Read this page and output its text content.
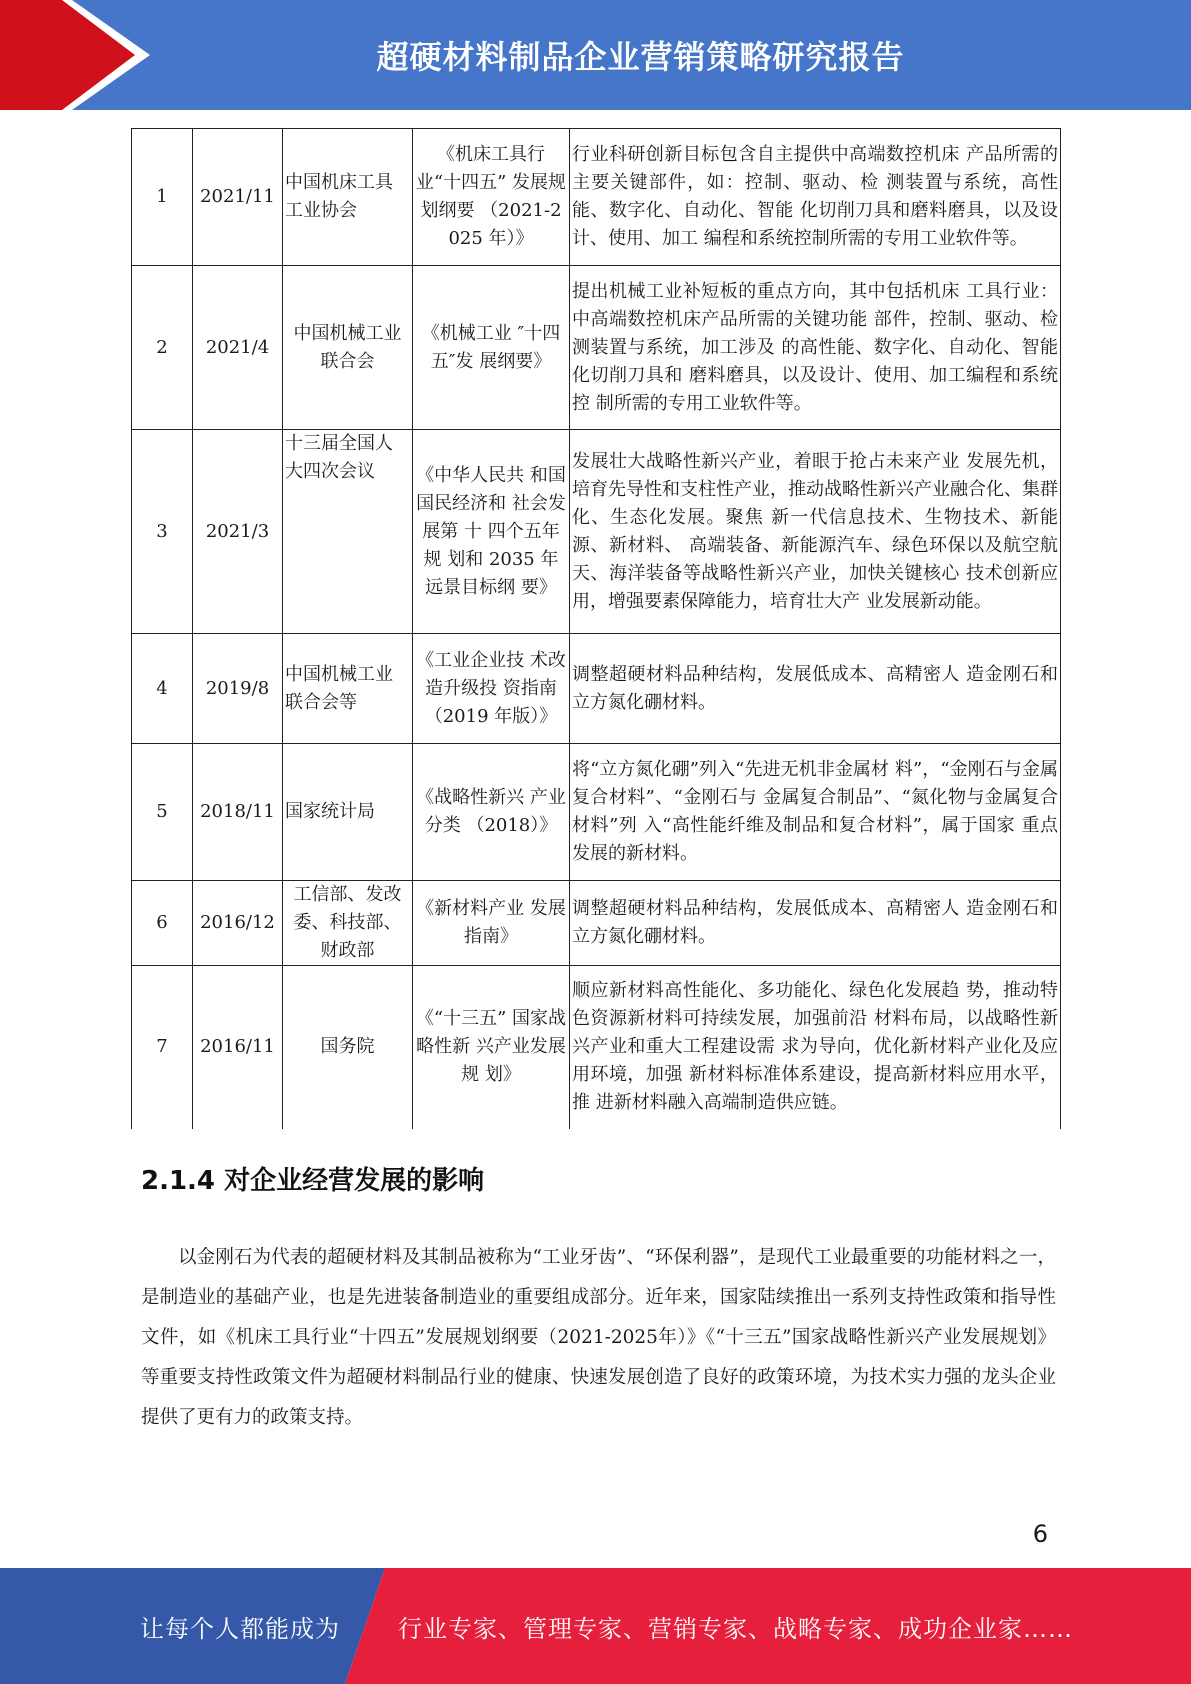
超硬材料制品企业营销策略研究报告
1	2021/11	中国机床工具工业协会	《机床工具行 业“十四五” 发展规划纲要 （2021-2025 年）》	行业科研创新目标包含自主提供中高端数控机床 产品所需的主要关键部件，如：控制、驱动、检 测装置与系统，高性能、数字化、自动化、智能 化切削刀具和磨料磨具，以及设计、使用、加工 编程和系统控制所需的专用工业软件等。
2	2021/4	中国机械工业联合会	《机械工业 ″十四五″发 展纲要》	提出机械工业补短板的重点方向，其中包括机床 工具行业：中高端数控机床产品所需的关键功能 部件，控制、驱动、检测装置与系统，加工涉及 的高性能、数字化、自动化、智能化切削刀具和 磨料磨具，以及设计、使用、加工编程和系统控 制所需的专用工业软件等。
3	2021/3	十三届全国人大四次会议	《中华人民共 和国国民经济和 社会发展第 十 四个五年规 划和 2035 年 远景目标纲 要》	发展壮大战略性新兴产业，着眼于抢占未来产业 发展先机，培育先导性和支柱性产业，推动战略性新兴产业融合化、集群化、生态化发展。聚焦 新一代信息技术、生物技术、新能源、新材料、 高端装备、新能源汽车、绿色环保以及航空航 天、海洋装备等战略性新兴产业，加快关键核心 技术创新应用，增强要素保障能力，培育壮大产 业发展新动能。
4	2019/8	中国机械工业联合会等	《工业企业技 术改造升级投 资指南（2019 年版）》	调整超硬材料品种结构，发展低成本、高精密人 造金刚石和立方氮化硼材料。
5	2018/11	国家统计局	《战略性新兴 产业分类 （2018）》	将“立方氮化硼”列入“先进无机非金属材 料”，“金刚石与金属复合材料”、“金刚石与 金属复合制品”、“氮化物与金属复合材料”列 入“高性能纤维及制品和复合材料”，属于国家 重点发展的新材料。
6	2016/12	工信部、发改委、科技部、财政部	《新材料产业 发展指南》	调整超硬材料品种结构，发展低成本、高精密人 造金刚石和立方氮化硼材料。
7	2016/11	国务院	《“十三五” 国家战略性新 兴产业发展规 划》	顺应新材料高性能化、多功能化、绿色化发展趋 势，推动特色资源新材料可持续发展，加强前沿 材料布局，以战略性新兴产业和重大工程建设需 求为导向，优化新材料产业化及应用环境，加强 新材料标准体系建设，提高新材料应用水平，推 进新材料融入高端制造供应链。
2.1.4 对企业经营发展的影响

以金刚石为代表的超硬材料及其制品被称为“工业牙齿”、“环保利器”，是现代工业最重要的功能材料之一，是制造业的基础产业，也是先进装备制造业的重要组成部分。近年来，国家陆续推出一系列支持性政策和指导性文件，如《机床工具行业“十四五”发展规划纲要（2021-2025年）》《“十三五”国家战略性新兴产业发展规划》等重要支持性政策文件为超硬材料制品行业的健康、快速发展创造了良好的政策环境，为技术实力强的龙头企业提供了更有力的政策支持。

6
让每个人都能成为 行业专家、管理专家、营销专家、战略专家、成功企业家……
